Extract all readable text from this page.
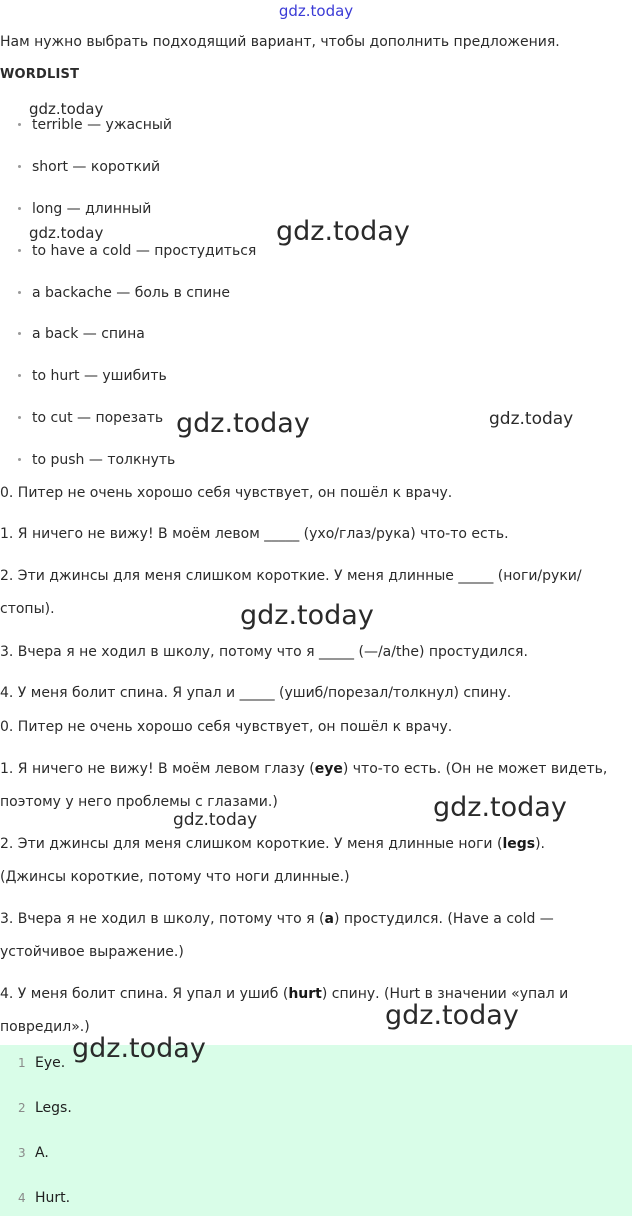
gdz.today
Нам нужно выбрать подходящий вариант, чтобы дополнить предложения.
WORDLIST
terrible — ужасный
short — короткий
long — длинный
to have a cold — простудиться
a backache — боль в спине
a back — спина
to hurt — ушибить
to cut — порезать
to push — толкнуть
0. Питер не очень хорошо себя чувствует, он пошёл к врачу.
1. Я ничего не вижу! В моём левом _____ (ухо/глаз/рука) что-то есть.
2. Эти джинсы для меня слишком короткие. У меня длинные _____ (ноги/руки/
стопы).
3. Вчера я не ходил в школу, потому что я _____ (—/a/the) простудился.
4. У меня болит спина. Я упал и _____ (ушиб/порезал/толкнул) спину.
0. Питер не очень хорошо себя чувствует, он пошёл к врачу.
1. Я ничего не вижу! В моём левом глазу (eye) что-то есть. (Он не может видеть,
поэтому у него проблемы с глазами.)
2. Эти джинсы для меня слишком короткие. У меня длинные ноги (legs).
(Джинсы короткие, потому что ноги длинные.)
3. Вчера я не ходил в школу, потому что я (a) простудился. (Have a cold —
устойчивое выражение.)
4. У меня болит спина. Я упал и ушиб (hurt) спину. (Hurt в значении «упал и
повредил».)
1 Eye.
2 Legs.
3 A.
4 Hurt.
gdz.today
gdz.today	gdz.today
gdz.today	gdz.today
gdz.today
gdz.today
gdz.today
gdz.today
gdz.today
